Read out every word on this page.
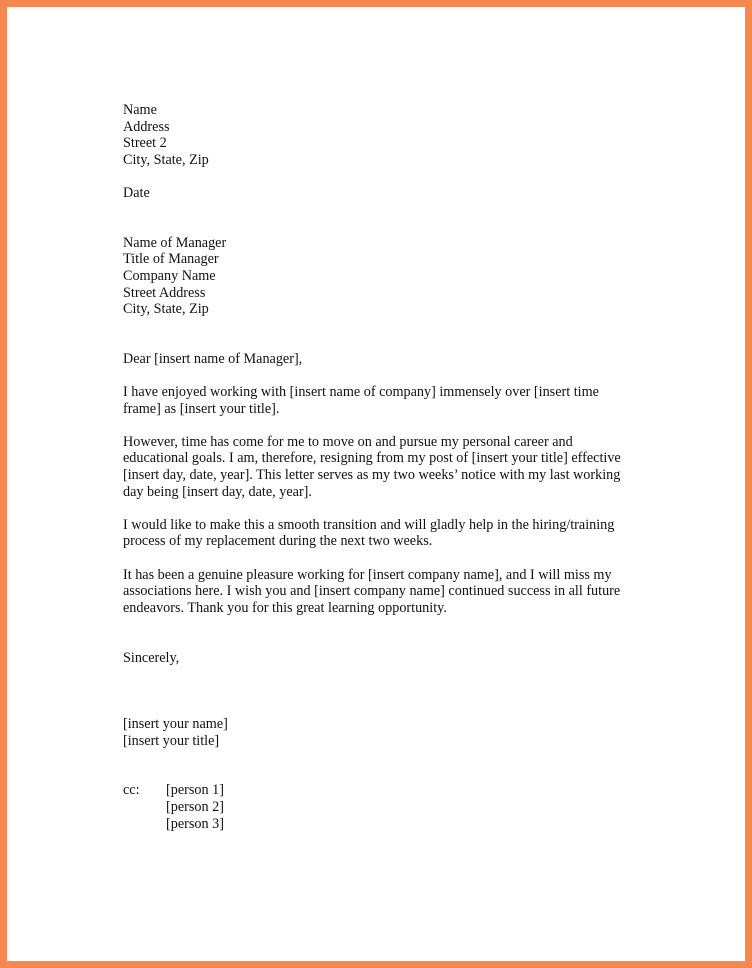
Name
Address
Street 2
City, State, Zip
Date
Name of Manager
Title of Manager
Company Name
Street Address
City, State, Zip
Dear [insert name of Manager],
I have enjoyed working with [insert name of company] immensely over [insert time
frame] as [insert your title].
However, time has come for me to move on and pursue my personal career and
educational goals. I am, therefore, resigning from my post of [insert your title] effective
[insert day, date, year]. This letter serves as my two weeks’ notice with my last working
day being [insert day, date, year].
I would like to make this a smooth transition and will gladly help in the hiring/training
process of my replacement during the next two weeks.
It has been a genuine pleasure working for [insert company name], and I will miss my
associations here. I wish you and [insert company name] continued success in all future
endeavors. Thank you for this great learning opportunity.
Sincerely,
[insert your name]
[insert your title]
cc: [person 1]
[person 2]
[person 3]
